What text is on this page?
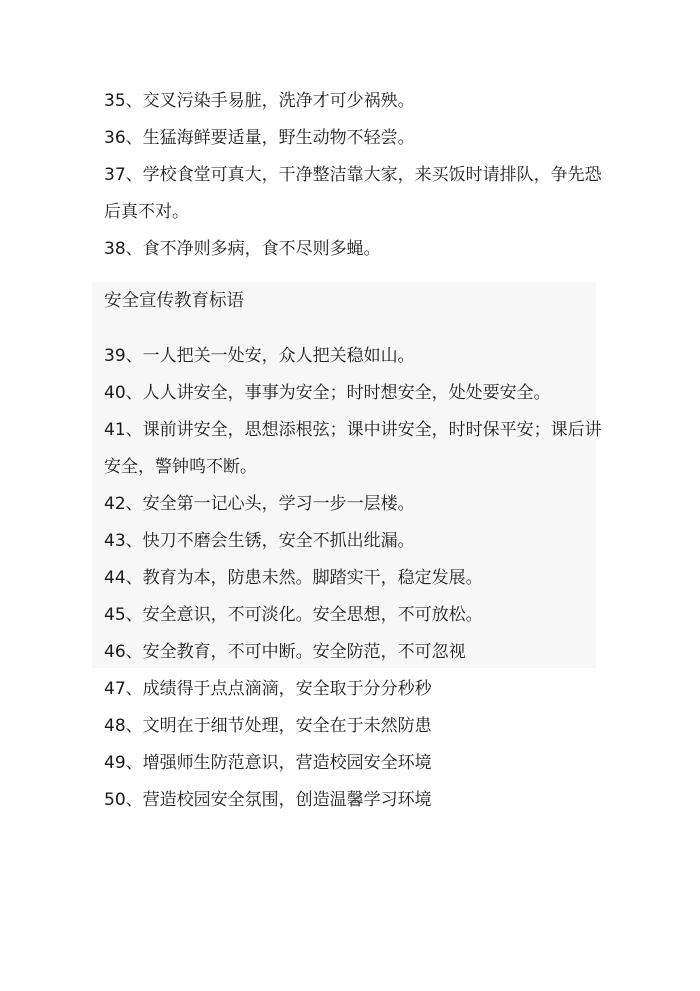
35、交叉污染手易脏，洗净才可少祸殃。
36、生猛海鲜要适量，野生动物不轻尝。
37、学校食堂可真大，干净整洁靠大家，来买饭时请排队，争先恐
后真不对。
38、食不净则多病，食不尽则多蝇。
安全宣传教育标语
39、一人把关一处安，众人把关稳如山。
40、人人讲安全，事事为安全；时时想安全，处处要安全。
41、课前讲安全，思想添根弦；课中讲安全，时时保平安；课后讲
安全，警钟鸣不断。
42、安全第一记心头，学习一步一层楼。
43、快刀不磨会生锈，安全不抓出纰漏。
44、教育为本，防患未然。脚踏实干，稳定发展。
45、安全意识，不可淡化。安全思想，不可放松。
46、安全教育，不可中断。安全防范，不可忽视
47、成绩得于点点滴滴，安全取于分分秒秒
48、文明在于细节处理，安全在于未然防患
49、增强师生防范意识，营造校园安全环境
50、营造校园安全氛围，创造温馨学习环境
